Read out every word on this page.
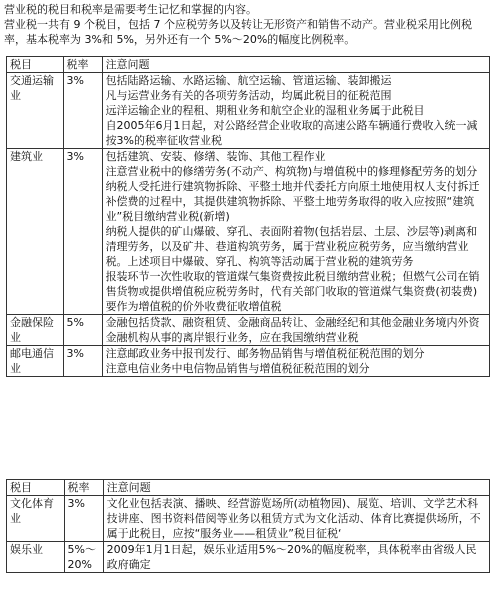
营业税的税目和税率是需要考生记忆和掌握的内容。

营业税一共有 9 个税目，包括 7 个应税劳务以及转让无形资产和销售不动产。营业税采用比例税率，基本税率为 3%和 5%，另外还有一个 5%～20%的幅度比例税率。

税目	税率	注意问题
交通运输业	3%	包括陆路运输、水路运输、航空运输、管道运输、装卸搬运
凡与运营业务有关的各项劳务活动，均属此税目的征税范围
远洋运输企业的程租、期租业务和航空企业的湿租业务属于此税目
自2005年6月1日起，对公路经营企业收取的高速公路车辆通行费收入统一减按3%的税率征收营业税

建筑业	3%	包括建筑、安装、修缮、装饰、其他工程作业
注意营业税中的修缮劳务(不动产、构筑物)与增值税中的修理修配劳务的划分纳税人受托进行建筑物拆除、平整土地并代委托方向原土地使用权人支付拆迁补偿费的过程中，其提供建筑物拆除、平整土地劳务取得的收入应按照“建筑业”税目缴纳营业税(新增)
纳税人提供的矿山爆破、穿孔、表面附着物(包括岩层、土层、沙层等)剥离和清理劳务，以及矿井、巷道构筑劳务，属于营业税应税劳务，应当缴纳营业税。上述项目中爆破、穿孔、构筑等活动属于营业税的建筑劳务
报装环节一次性收取的管道煤气集资费按此税目缴纳营业税；但燃气公司在销售货物或提供增值税应税劳务时，代有关部门收取的管道煤气集资费(初装费)要作为增值税的价外收费征收增值税

金融保险业	5%	金融包括贷款、融资租赁、金融商品转让、金融经纪和其他金融业务境内外资金融机构从事的离岸银行业务，应在我国缴纳营业税

邮电通信业	3%	注意邮政业务中报刊发行、邮务物品销售与增值税征税范围的划分
注意电信业务中电信物品销售与增值税征税范围的划分
税目	税率	注意问题
文化体育业	3%	文化业包括表演、播映、经营游览场所(动植物园)、展览、培训、文学艺术科技讲座、图书资料借阅等业务以租赁方式为文化活动、体育比赛提供场所，不属于此税目，应按“服务业——租赁业”税目征税‘

娱乐业	5%～20%	2009年1月1日起，娱乐业适用5%～20%的幅度税率，具体税率由省级人民政府确定
